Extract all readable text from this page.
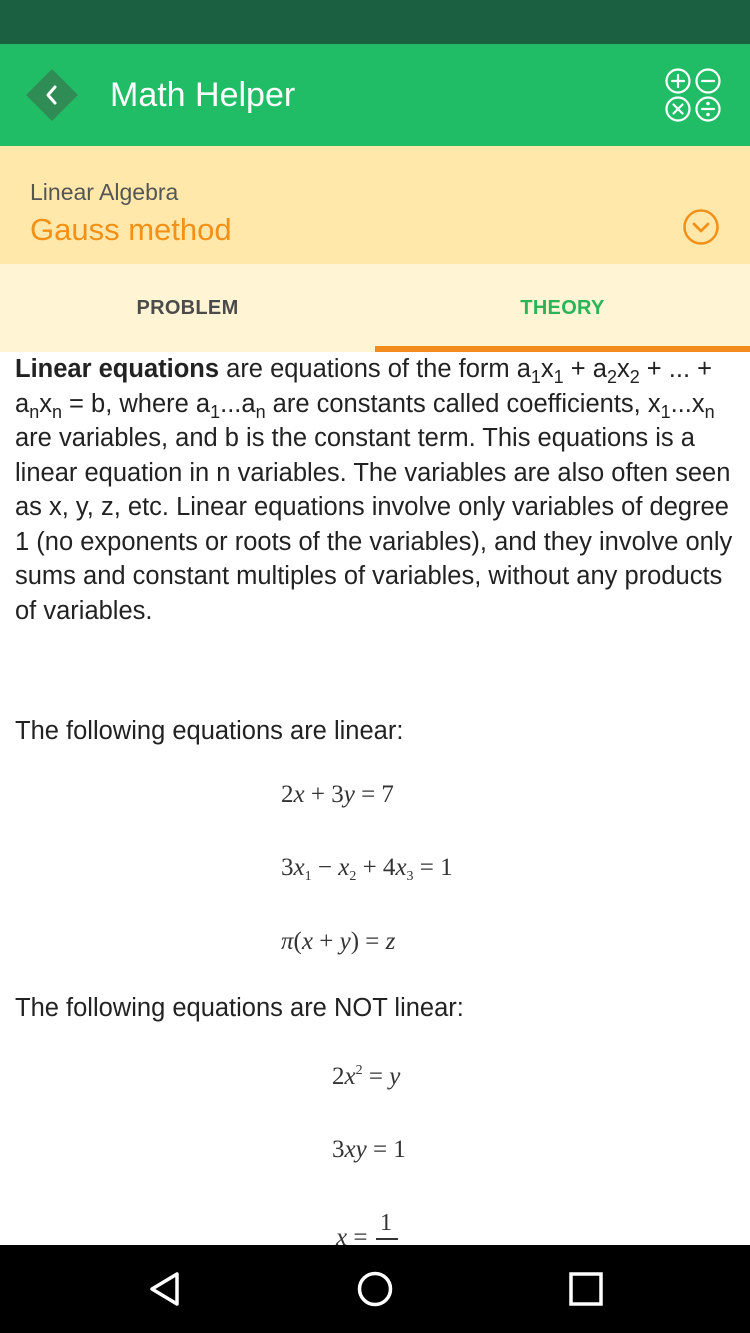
Math Helper
Linear Algebra
Gauss method
PROBLEM	THEORY
Linear equations are equations of the form $a_1x_1 + a_2x_2$ + ... + $a_nx_n = b$, where $a_1...a_n$ are constants called coefficients, $x_1...x_n$ are variables, and b is the constant term. This equations is a linear equation in n variables. The variables are also often seen as x, y, z, etc. Linear equations involve only variables of degree 1 (no exponents or roots of the variables), and they involve only sums and constant multiples of variables, without any products of variables.
The following equations are linear:
2x + 3y = 7
$3x_1 - x_2 + 4x_3 = 1$
π(x + y) = z
The following equations are NOT linear:
$2x^2 = y$
3xy = 1
x =
1
